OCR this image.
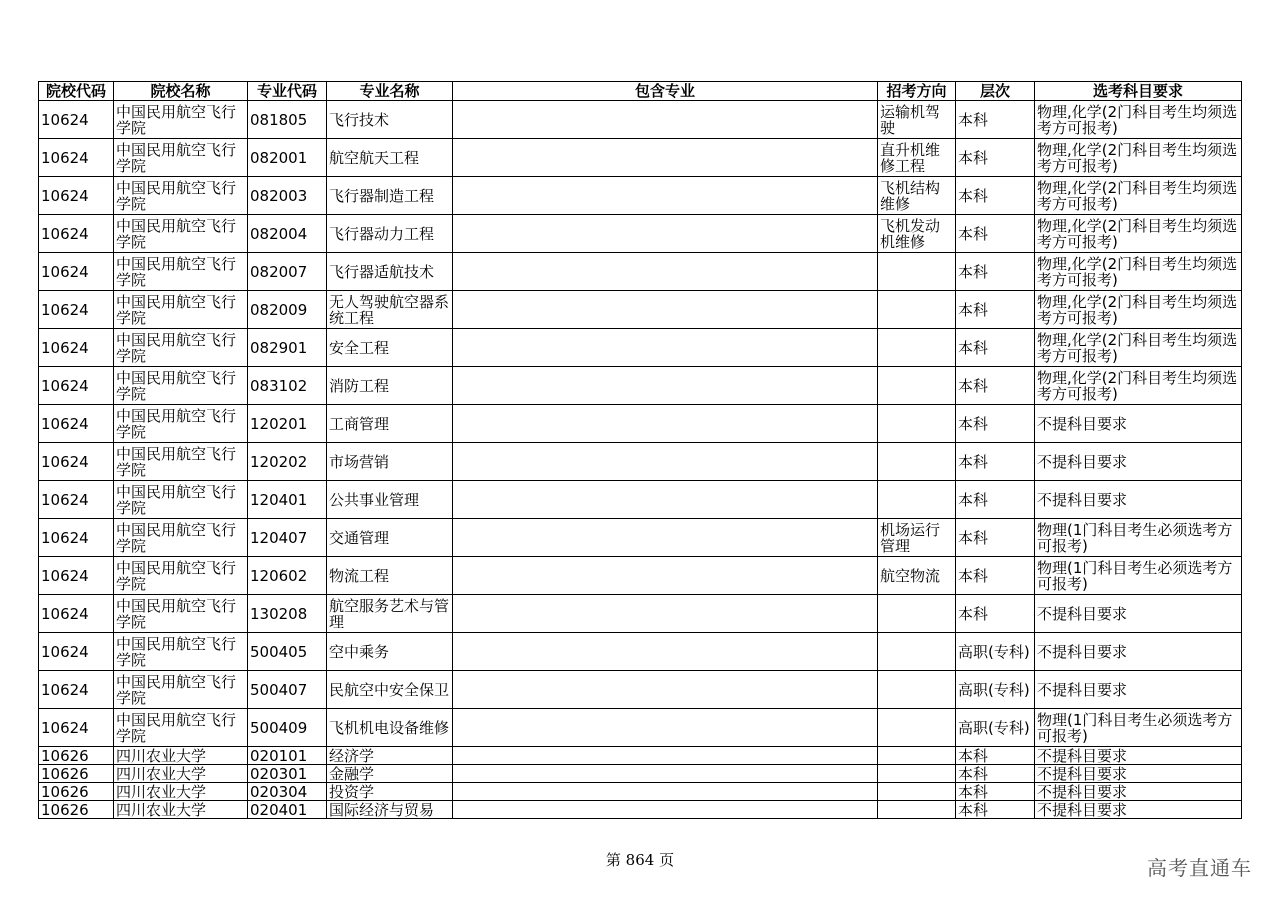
院校代码	院校名称	专业代码	专业名称	包含专业	招考方向	层次	选考科目要求
10624	中国民用航空飞行学院	081805	飞行技术		运输机驾驶	本科	物理,化学(2门科目考生均须选考方可报考)
10624	中国民用航空飞行学院	082001	航空航天工程		直升机维修工程	本科	物理,化学(2门科目考生均须选考方可报考)
10624	中国民用航空飞行学院	082003	飞行器制造工程		飞机结构维修	本科	物理,化学(2门科目考生均须选考方可报考)
10624	中国民用航空飞行学院	082004	飞行器动力工程		飞机发动机维修	本科	物理,化学(2门科目考生均须选考方可报考)
10624	中国民用航空飞行学院	082007	飞行器适航技术			本科	物理,化学(2门科目考生均须选考方可报考)
10624	中国民用航空飞行学院	082009	无人驾驶航空器系统工程			本科	物理,化学(2门科目考生均须选考方可报考)
10624	中国民用航空飞行学院	082901	安全工程			本科	物理,化学(2门科目考生均须选考方可报考)
10624	中国民用航空飞行学院	083102	消防工程			本科	物理,化学(2门科目考生均须选考方可报考)
10624	中国民用航空飞行学院	120201	工商管理			本科	不提科目要求
10624	中国民用航空飞行学院	120202	市场营销			本科	不提科目要求
10624	中国民用航空飞行学院	120401	公共事业管理			本科	不提科目要求
10624	中国民用航空飞行学院	120407	交通管理		机场运行管理	本科	物理(1门科目考生必须选考方可报考)
10624	中国民用航空飞行学院	120602	物流工程		航空物流	本科	物理(1门科目考生必须选考方可报考)
10624	中国民用航空飞行学院	130208	航空服务艺术与管理			本科	不提科目要求
10624	中国民用航空飞行学院	500405	空中乘务			高职(专科)	不提科目要求
10624	中国民用航空飞行学院	500407	民航空中安全保卫			高职(专科)	不提科目要求
10624	中国民用航空飞行学院	500409	飞机机电设备维修			高职(专科)	物理(1门科目考生必须选考方可报考)
10626	四川农业大学	020101	经济学			本科	不提科目要求
10626	四川农业大学	020301	金融学			本科	不提科目要求
10626	四川农业大学	020304	投资学			本科	不提科目要求
10626	四川农业大学	020401	国际经济与贸易			本科	不提科目要求
第 864 页	高考直通车
